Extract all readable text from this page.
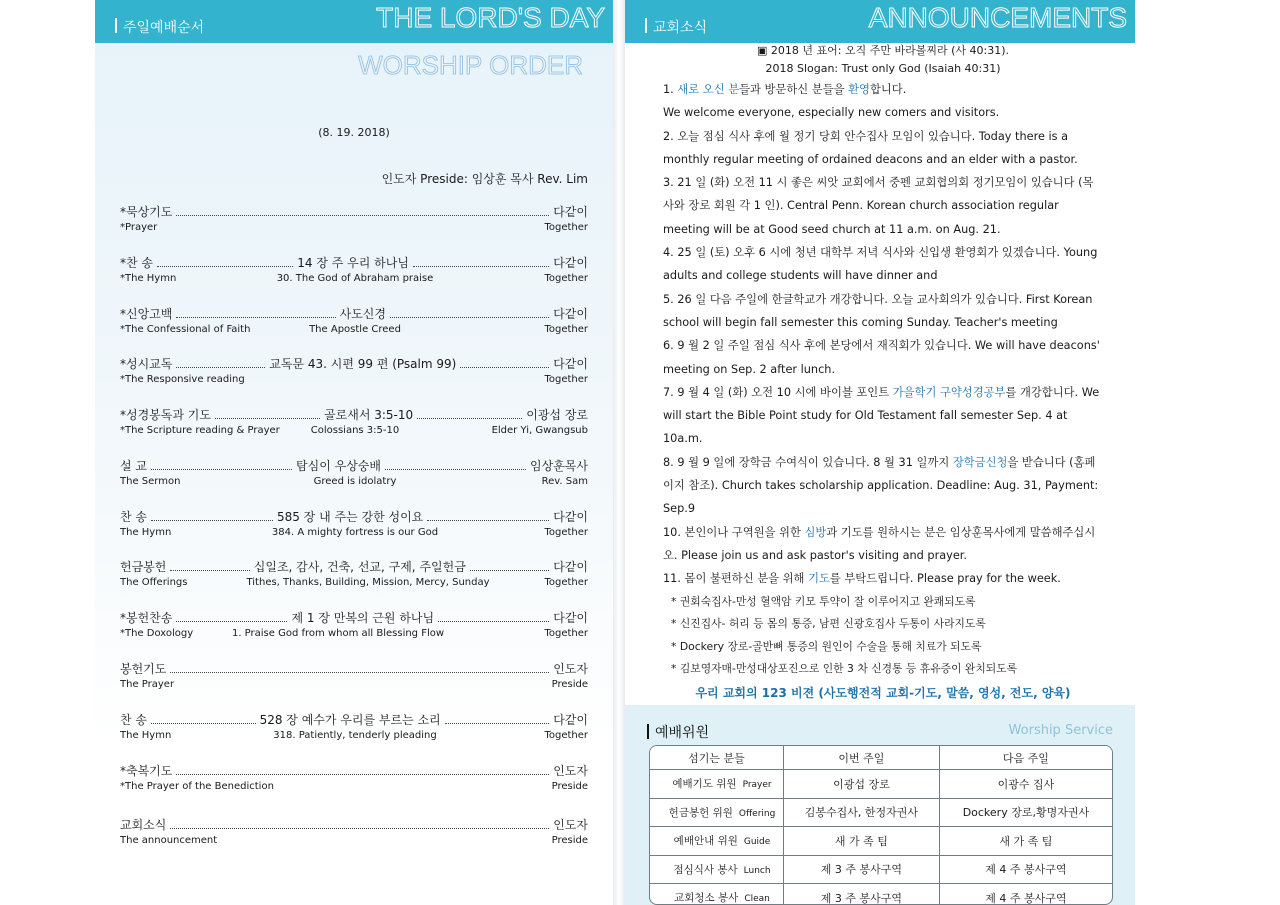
주일예배순서	THE LORD'S DAY
WORSHIP ORDER
(8. 19. 2018)
인도자 Preside: 임상훈 목사 Rev. Lim
*묵상기도	다같이
*Prayer	Together
*찬 송	14 장 주 우리 하나님	다같이
*The Hymn	30. The God of Abraham praise	Together
*신앙고백	사도신경	다같이
*The Confessional of Faith	The Apostle Creed	Together
*성시교독	교독문 43. 시편 99 편 (Psalm 99)	다같이
*The Responsive reading	Together
*성경봉독과 기도	골로새서 3:5-10	이광섭 장로
*The Scripture reading & Prayer	Colossians 3:5-10	Elder Yi, Gwangsub
설 교	탐심이 우상숭배	임상훈목사
The Sermon	Greed is idolatry	Rev. Sam
찬 송	585 장 내 주는 강한 성이요	다같이
The Hymn	384. A mighty fortress is our God	Together
헌금봉헌	십일조, 감사, 건축, 선교, 구제, 주일헌금	다같이
The Offerings	Tithes, Thanks, Building, Mission, Mercy, Sunday	Together
*봉헌찬송	제 1 장 만복의 근원 하나님	다같이
*The Doxology	1. Praise God from whom all Blessing Flow	Together
봉헌기도	인도자
The Prayer	Preside
찬 송	528 장 예수가 우리를 부르는 소리	다같이
The Hymn	318. Patiently, tenderly pleading	Together
*축복기도	인도자
*The Prayer of the Benediction	Preside
교회소식	인도자
The announcement	Preside
교회소식	ANNOUNCEMENTS
▣ 2018 년 표어: 오직 주만 바라볼찌라 (사 40:31).
2018 Slogan: Trust only God (Isaiah 40:31)
1. 새로 오신 분들과 방문하신 분들을 환영합니다.
We welcome everyone, especially new comers and visitors.
2. 오늘 점심 식사 후에 월 정기 당회 안수집사 모임이 있습니다. Today there is a monthly regular meeting of ordained deacons and an elder with a pastor.
3. 21 일 (화) 오전 11 시 좋은 씨앗 교회에서 중펜 교회협의회 정기모임이 있습니다 (목사와 장로 회원 각 1 인). Central Penn. Korean church association regular meeting will be at Good seed church at 11 a.m. on Aug. 21.
4. 25 일 (토) 오후 6 시에 청년 대학부 저녁 식사와 신입생 환영회가 있겠습니다. Young adults and college students will have dinner and
5. 26 일 다음 주일에 한글학교가 개강합니다. 오늘 교사회의가 있습니다. First Korean school will begin fall semester this coming Sunday. Teacher's meeting
6. 9 월 2 일 주일 점심 식사 후에 본당에서 재직회가 있습니다. We will have deacons' meeting on Sep. 2 after lunch.
7. 9 월 4 일 (화) 오전 10 시에 바이블 포인트 가을학기 구약성경공부를 개강합니다. We will start the Bible Point study for Old Testament fall semester Sep. 4 at 10a.m.
8. 9 월 9 일에 장학금 수여식이 있습니다. 8 월 31 일까지 장학금신청을 받습니다 (홈페이지 참조). Church takes scholarship application. Deadline: Aug. 31, Payment: Sep.9
10. 본인이나 구역원을 위한 심방과 기도를 원하시는 분은 임상훈목사에게 말씀해주십시오. Please join us and ask pastor's visiting and prayer.
11. 몸이 불편하신 분을 위해 기도를 부탁드립니다. Please pray for the week.
* 권회숙집사-만성 혈액암 키모 투약이 잘 이루어지고 완쾌되도록
* 신진집사- 허리 등 몸의 통증, 남편 신광호집사 두통이 사라지도록
* Dockery 장로-골반뼈 통증의 원인이 수술을 통해 치료가 되도록
* 김보영자매-만성대상포진으로 인한 3 차 신경통 등 휴유증이 완치되도록
우리 교회의 123 비젼 (사도행전적 교회-기도, 말씀, 영성, 전도, 양육)
예배위원	Worship Service
섬기는 분들	이번 주일	다음 주일
예배기도 위원 Prayer	이광섭 장로	이광수 집사
헌금봉헌 위원 Offering	김봉수집사, 한정자권사	Dockery 장로,황명자권사
예배안내 위원 Guide	새 가 족 팀	새 가 족 팀
점심식사 봉사 Lunch	제 3 주 봉사구역	제 4 주 봉사구역
교회청소 봉사 Clean	제 3 주 봉사구역	제 4 주 봉사구역
